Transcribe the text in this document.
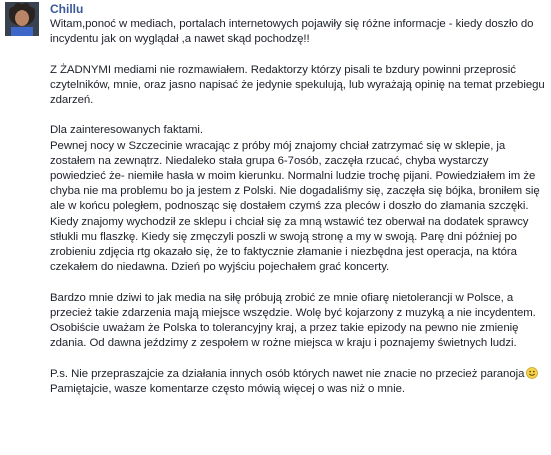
Chillu

Witam,ponoć w mediach, portalach internetowych pojawiły się różne informacje - kiedy doszło do incydentu jak on wyglądał ,a nawet skąd pochodzę!!

Z ŻADNYMI mediami nie rozmawiałem. Redaktorzy którzy pisali te bzdury powinni przeprosić czytelników, mnie, oraz jasno napisać że jedynie spekulują, lub wyrażają opinię na temat przebiegu zdarzeń.

Dla zainteresowanych faktami.
Pewnej nocy w Szczecinie wracając z próby mój znajomy chciał zatrzymać się w sklepie, ja zostałem na zewnątrz. Niedaleko stała grupa 6-7osób, zaczęła rzucać, chyba wystarczy powiedzieć że- niemiłe hasła w moim kierunku. Normalni ludzie trochę pijani. Powiedziałem im że chyba nie ma problemu bo ja jestem z Polski. Nie dogadaliśmy się, zaczęła się bójka, broniłem się ale w końcu poległem, podnosząc się dostałem czymś zza pleców i doszło do złamania szczęki. Kiedy znajomy wychodził ze sklepu i chciał się za mną wstawić tez oberwał na dodatek sprawcy stłukli mu flaszkę. Kiedy się zmęczyli poszli w swoją stronę a my w swoją. Parę dni później po zrobieniu zdjęcia rtg okazało się, że to faktycznie złamanie i niezbędna jest operacja, na która czekałem do niedawna. Dzień po wyjściu pojechałem grać koncerty.

Bardzo mnie dziwi to jak media na siłę próbują zrobić ze mnie ofiarę nietolerancji w Polsce, a przecież takie zdarzenia mają miejsce wszędzie. Wolę być kojarzony z muzyką a nie incydentem. Osobiście uważam że Polska to tolerancyjny kraj, a przez takie epizody na pewno nie zmienię zdania. Od dawna jeździmy z zespołem w rożne miejsca w kraju i poznajemy świetnych ludzi.

P.s. Nie przepraszajcie za działania innych osób których nawet nie znacie no przecież paranojaPamiętajcie, wasze komentarze często mówią więcej o was niż o mnie.
